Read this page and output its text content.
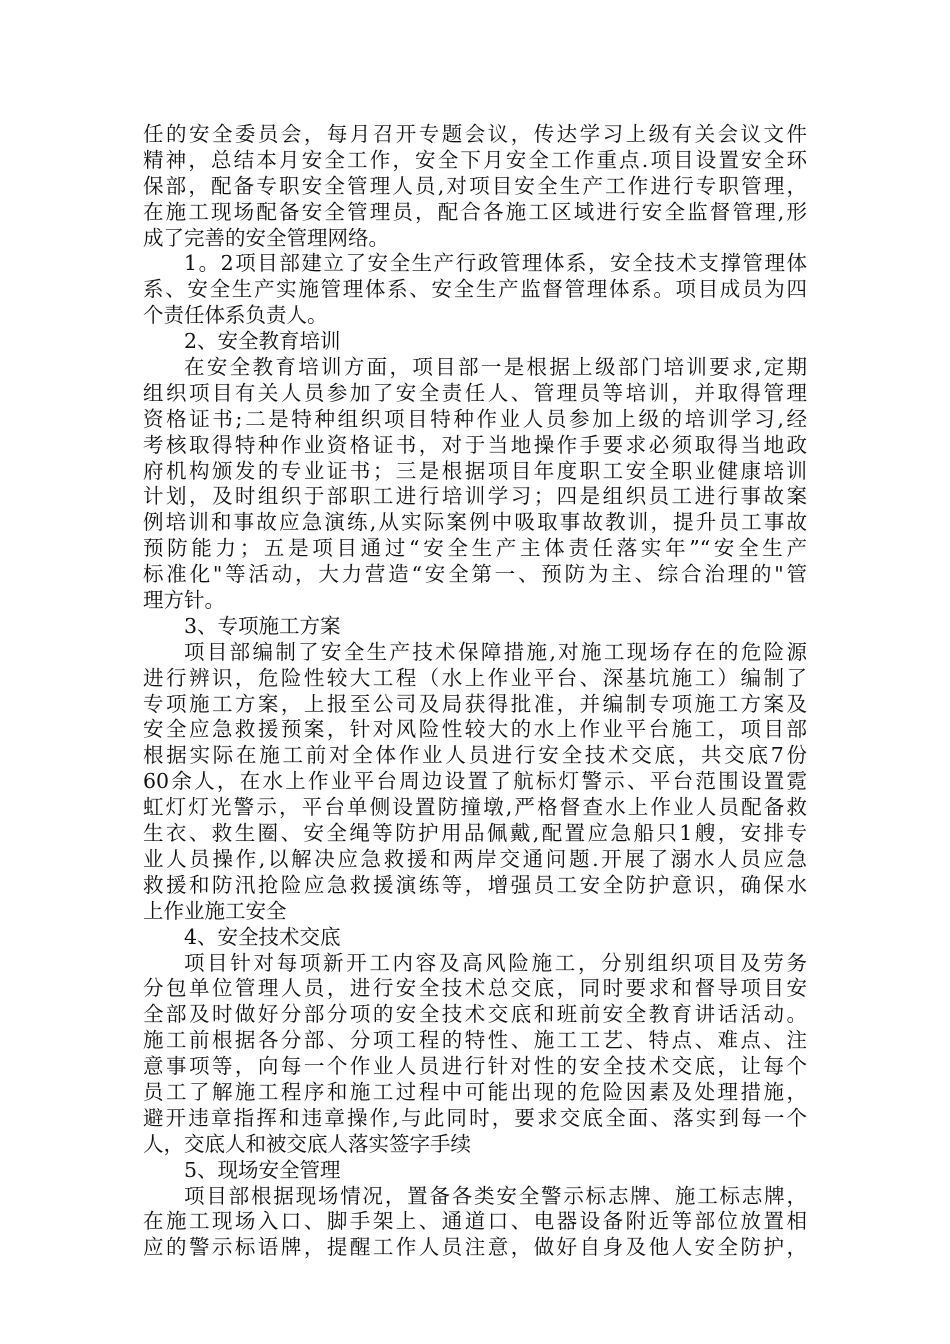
任的安全委员会，每月召开专题会议，传达学习上级有关会议文件
精神，总结本月安全工作，安全下月安全工作重点.项目设置安全环
保部，配备专职安全管理人员,对项目安全生产工作进行专职管理，
在施工现场配备安全管理员，配合各施工区域进行安全监督管理,形
成了完善的安全管理网络。
1。2项目部建立了安全生产行政管理体系，安全技术支撑管理体
系、安全生产实施管理体系、安全生产监督管理体系。项目成员为四
个责任体系负责人。
2、安全教育培训
在安全教育培训方面，项目部一是根据上级部门培训要求,定期
组织项目有关人员参加了安全责任人、管理员等培训，并取得管理
资格证书;二是特种组织项目特种作业人员参加上级的培训学习,经
考核取得特种作业资格证书，对于当地操作手要求必须取得当地政
府机构颁发的专业证书；三是根据项目年度职工安全职业健康培训
计划，及时组织于部职工进行培训学习；四是组织员工进行事故案
例培训和事故应急演练,从实际案例中吸取事故教训，提升员工事故
预防能力；五是项目通过“安全生产主体责任落实年”“安全生产
标准化"等活动，大力营造“安全第一、预防为主、综合治理的"管
理方针。
3、专项施工方案
项目部编制了安全生产技术保障措施,对施工现场存在的危险源
进行辨识，危险性较大工程（水上作业平台、深基坑施工）编制了
专项施工方案，上报至公司及局获得批准，并编制专项施工方案及
安全应急救援预案，针对风险性较大的水上作业平台施工，项目部
根据实际在施工前对全体作业人员进行安全技术交底，共交底7份
60余人，在水上作业平台周边设置了航标灯警示、平台范围设置霓
虹灯灯光警示，平台单侧设置防撞墩,严格督查水上作业人员配备救
生衣、救生圈、安全绳等防护用品佩戴,配置应急船只1艘，安排专
业人员操作,以解决应急救援和两岸交通问题.开展了溺水人员应急
救援和防汛抢险应急救援演练等，增强员工安全防护意识，确保水
上作业施工安全
4、安全技术交底
项目针对每项新开工内容及高风险施工，分别组织项目及劳务
分包单位管理人员，进行安全技术总交底，同时要求和督导项目安
全部及时做好分部分项的安全技术交底和班前安全教育讲话活动。
施工前根据各分部、分项工程的特性、施工工艺、特点、难点、注
意事项等，向每一个作业人员进行针对性的安全技术交底，让每个
员工了解施工程序和施工过程中可能出现的危险因素及处理措施，
避开违章指挥和违章操作,与此同时，要求交底全面、落实到每一个
人，交底人和被交底人落实签字手续
5、现场安全管理
项目部根据现场情况，置备各类安全警示标志牌、施工标志牌，
在施工现场入口、脚手架上、通道口、电器设备附近等部位放置相
应的警示标语牌，提醒工作人员注意，做好自身及他人安全防护，
